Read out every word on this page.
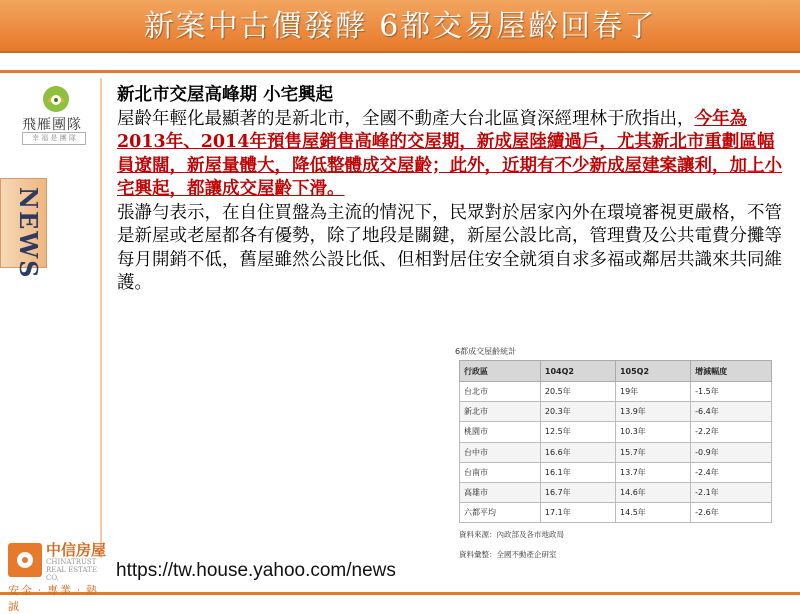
新案中古價發酵 6都交易屋齡回春了
飛雁團隊
幸 福 是 團 隊
NEWS
新北市交屋高峰期 小宅興起
屋齡年輕化最顯著的是新北市，全國不動產大台北區資深經理林于欣指出，今年為2013年、2014年預售屋銷售高峰的交屋期，新成屋陸續過戶，尤其新北市重劃區幅員遼闊，新屋量體大，降低整體成交屋齡；此外，近期有不少新成屋建案讓利，加上小宅興起，都讓成交屋齡下滑。
張瀞勻表示，在自住買盤為主流的情況下，民眾對於居家內外在環境審視更嚴格，不管是新屋或老屋都各有優勢，除了地段是關鍵，新屋公設比高，管理費及公共電費分攤等每月開銷不低，舊屋雖然公設比低、但相對居住安全就須自求多福或鄰居共識來共同維護。
6都成交屋齡統計
行政區	104Q2	105Q2	增減幅度
台北市	20.5年	19年	-1.5年
新北市	20.3年	13.9年	-6.4年
桃園市	12.5年	10.3年	-2.2年
台中市	16.6年	15.7年	-0.9年
台南市	16.1年	13.7年	-2.4年
高雄市	16.7年	14.6年	-2.1年
六都平均	17.1年	14.5年	-2.6年
資料來源：內政部及各市地政局
資料彙整：全國不動產企研室
中信房屋
CHINATRUST REAL ESTATE CO.
安全‧專業‧熱誠
https://tw.house.yahoo.com/news
